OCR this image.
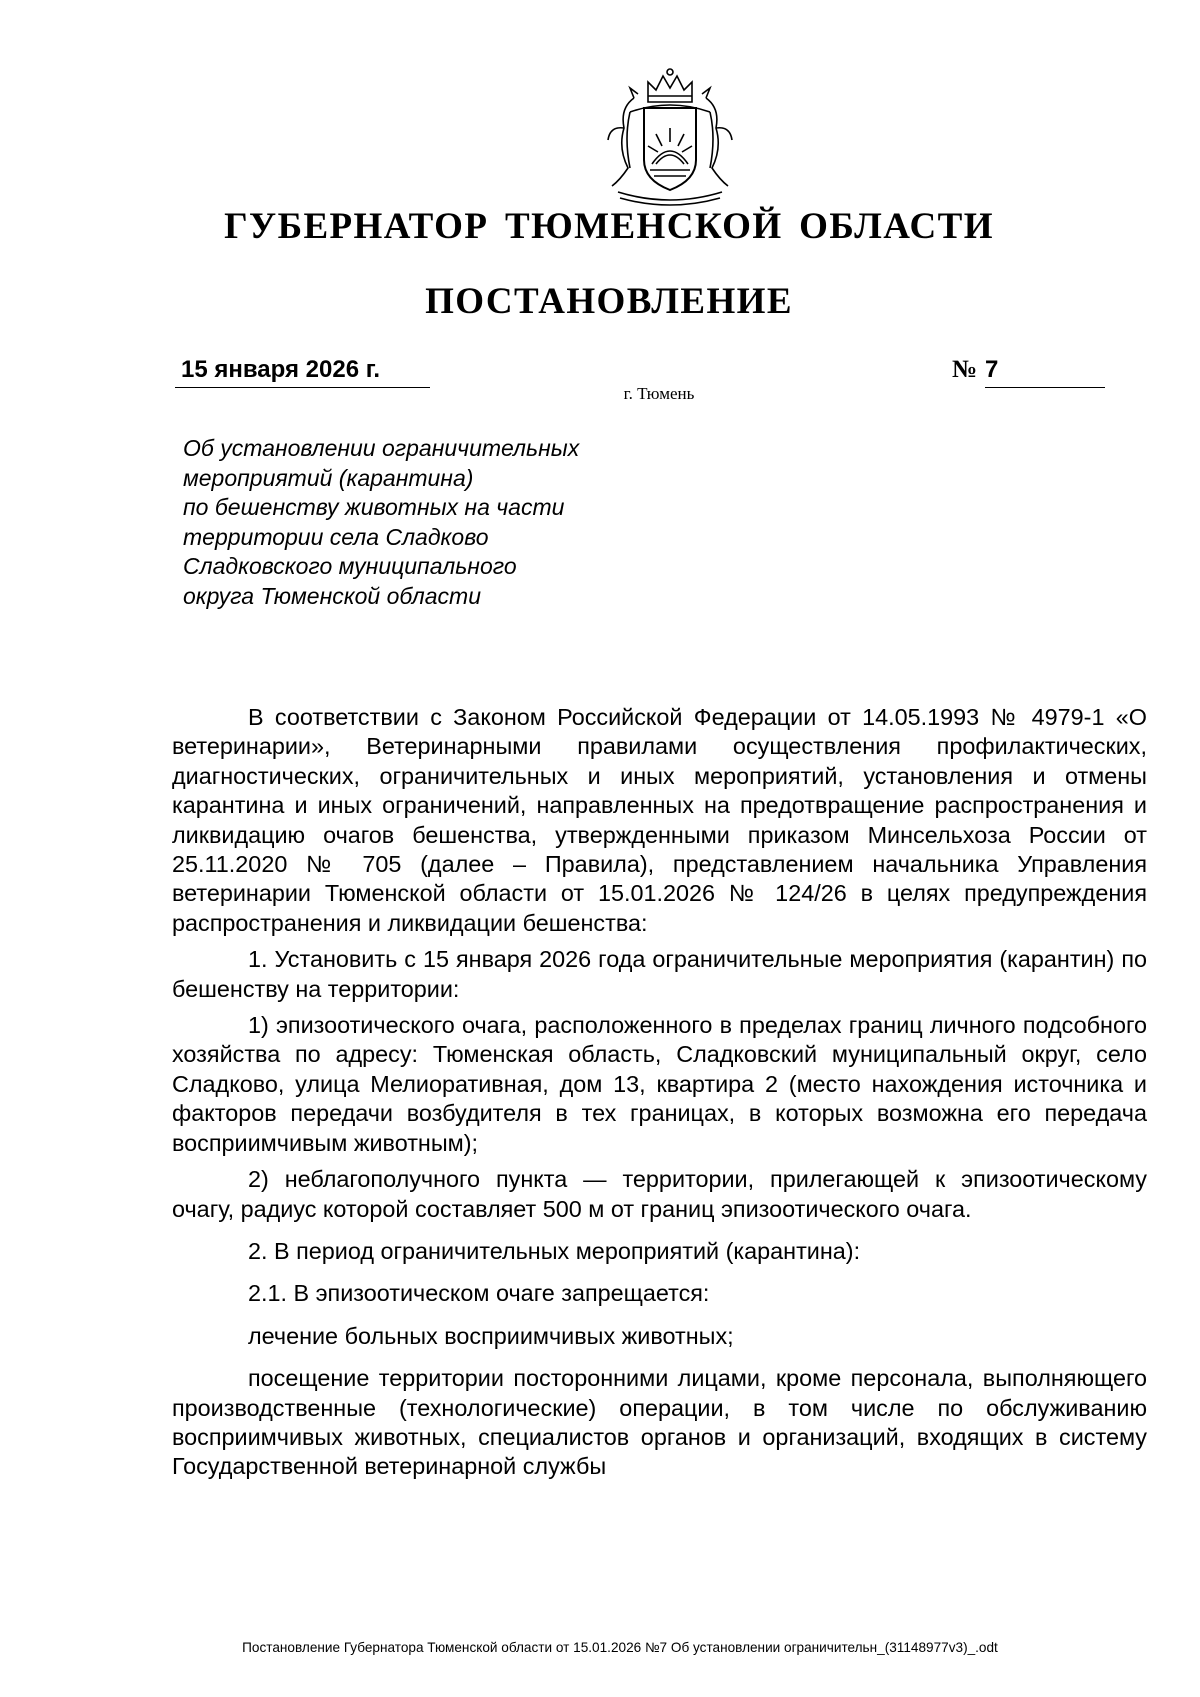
ГУБЕРНАТОР ТЮМЕНСКОЙ ОБЛАСТИ
ПОСТАНОВЛЕНИЕ
15 января 2026 г.	№ 7
г. Тюмень
Об установлении ограничительных
мероприятий (карантина)
по бешенству животных на части
территории села Сладково
Сладковского муниципального
округа Тюменской области

В соответствии с Законом Российской Федерации от 14.05.1993 № 4979-1 «О ветеринарии», Ветеринарными правилами осуществления профилактических, диагностических, ограничительных и иных мероприятий, установления и отмены карантина и иных ограничений, направленных на предотвращение распространения и ликвидацию очагов бешенства, утвержденными приказом Минсельхоза России от 25.11.2020 № 705 (далее – Правила), представлением начальника Управления ветеринарии Тюменской области от 15.01.2026 № 124/26 в целях предупреждения распространения и ликвидации бешенства:

1. Установить с 15 января 2026 года ограничительные мероприятия (карантин) по бешенству на территории:

1) эпизоотического очага, расположенного в пределах границ личного подсобного хозяйства по адресу: Тюменская область, Сладковский муниципальный округ, село Сладково, улица Мелиоративная, дом 13, квартира 2 (место нахождения источника и факторов передачи возбудителя в тех границах, в которых возможна его передача восприимчивым животным);

2) неблагополучного пункта — территории, прилегающей к эпизоотическому очагу, радиус которой составляет 500 м от границ эпизоотического очага.

2. В период ограничительных мероприятий (карантина):

2.1. В эпизоотическом очаге запрещается:

лечение больных восприимчивых животных;

посещение территории посторонними лицами, кроме персонала, выполняющего производственные (технологические) операции, в том числе по обслуживанию восприимчивых животных, специалистов органов и организаций, входящих в систему Государственной ветеринарной службы

Постановление Губернатора Тюменской области от 15.01.2026 №7 Об установлении ограничительн_(31148977v3)_.odt
